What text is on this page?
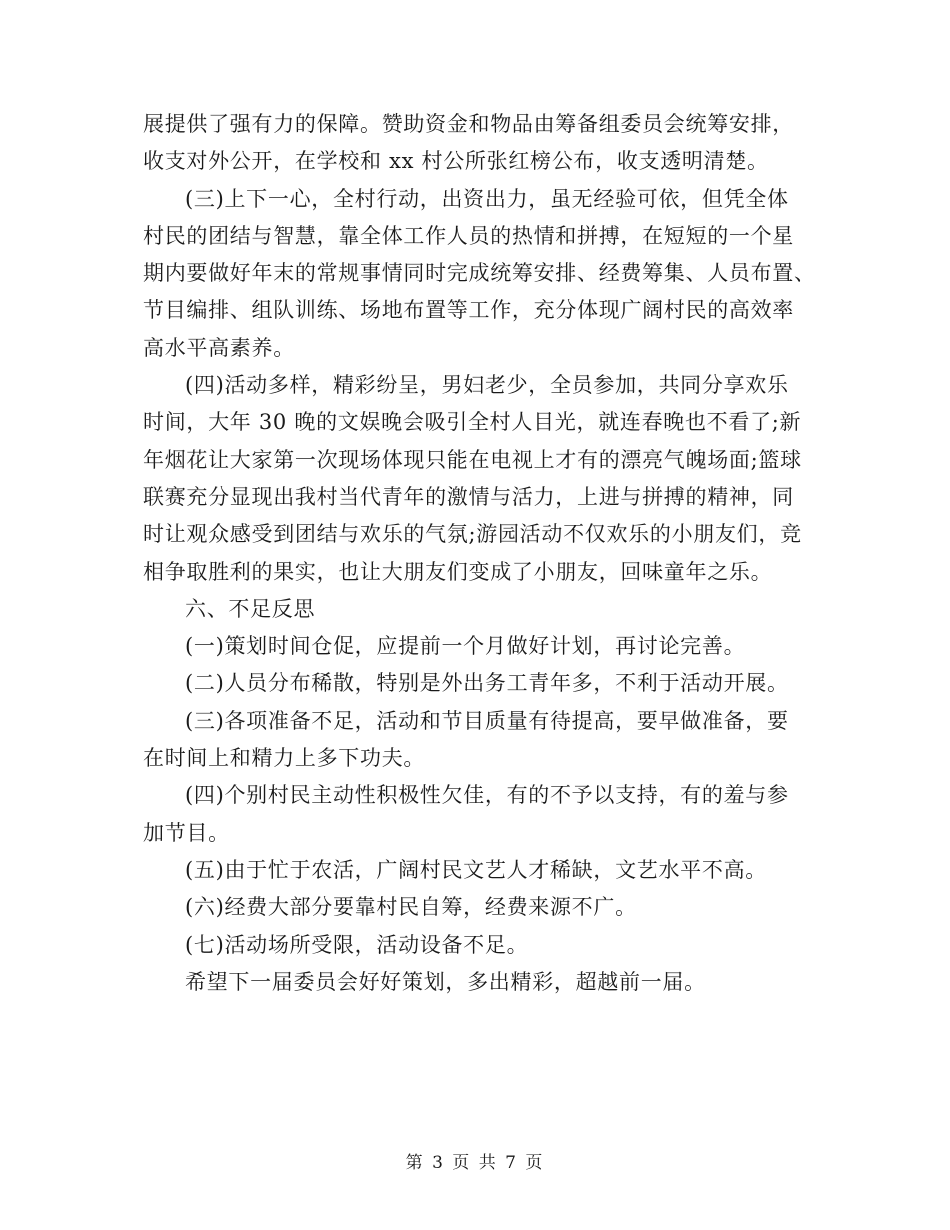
展提供了强有力的保障。赞助资金和物品由筹备组委员会统筹安排，
收支对外公开，在学校和 xx 村公所张红榜公布，收支透明清楚。
(三)上下一心，全村行动，出资出力，虽无经验可依，但凭全体
村民的团结与智慧，靠全体工作人员的热情和拼搏，在短短的一个星
期内要做好年末的常规事情同时完成统筹安排、经费筹集、人员布置、
节目编排、组队训练、场地布置等工作，充分体现广阔村民的高效率
高水平高素养。
(四)活动多样，精彩纷呈，男妇老少，全员参加，共同分享欢乐
时间，大年 30 晚的文娱晚会吸引全村人目光，就连春晚也不看了;新
年烟花让大家第一次现场体现只能在电视上才有的漂亮气魄场面;篮球
联赛充分显现出我村当代青年的激情与活力，上进与拼搏的精神，同
时让观众感受到团结与欢乐的气氛;游园活动不仅欢乐的小朋友们，竞
相争取胜利的果实，也让大朋友们变成了小朋友，回味童年之乐。
六、不足反思
(一)策划时间仓促，应提前一个月做好计划，再讨论完善。
(二)人员分布稀散，特别是外出务工青年多，不利于活动开展。
(三)各项准备不足，活动和节目质量有待提高，要早做准备，要
在时间上和精力上多下功夫。
(四)个别村民主动性积极性欠佳，有的不予以支持，有的羞与参
加节目。
(五)由于忙于农活，广阔村民文艺人才稀缺，文艺水平不高。
(六)经费大部分要靠村民自筹，经费来源不广。
(七)活动场所受限，活动设备不足。
希望下一届委员会好好策划，多出精彩，超越前一届。
第 3 页 共 7 页
